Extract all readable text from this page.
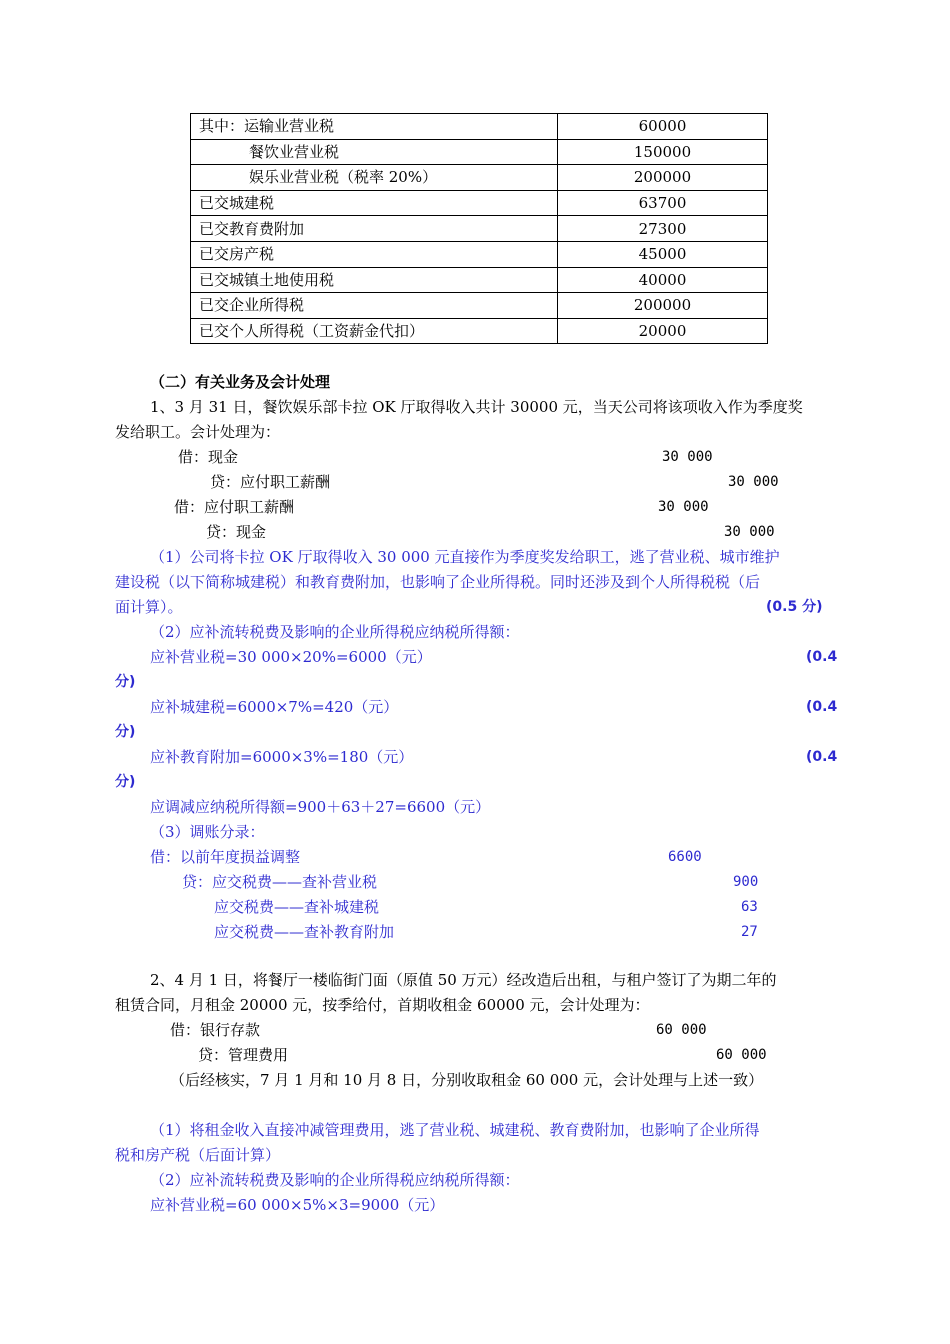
其中：运输业营业税	60000
餐饮业营业税	150000
娱乐业营业税（税率 20%）	200000
已交城建税	63700
已交教育费附加	27300
已交房产税	45000
已交城镇土地使用税	40000
已交企业所得税	200000
已交个人所得税（工资薪金代扣）	20000
（二）有关业务及会计处理
1、3 月 31 日，餐饮娱乐部卡拉 OK 厅取得收入共计 30000 元，当天公司将该项收入作为季度奖
发给职工。会计处理为：
借：现金	30 000
贷：应付职工薪酬	30 000
借：应付职工薪酬	30 000
贷：现金	30 000
（1）公司将卡拉 OK 厅取得收入 30 000 元直接作为季度奖发给职工，逃了营业税、城市维护
建设税（以下简称城建税）和教育费附加，也影响了企业所得税。同时还涉及到个人所得税税（后
面计算）。	(0.5 分)
（2）应补流转税费及影响的企业所得税应纳税所得额：
应补营业税=30 000×20%=6000（元）	(0.4
分)
应补城建税=6000×7%=420（元）	(0.4
分)
应补教育附加=6000×3%=180（元）	(0.4
分)
应调减应纳税所得额=900＋63＋27=6600（元）
（3）调账分录：
借：以前年度损益调整	6600
贷：应交税费——查补营业税	900
应交税费——查补城建税	63
应交税费——查补教育附加	27
2、4 月 1 日，将餐厅一楼临街门面（原值 50 万元）经改造后出租，与租户签订了为期二年的
租赁合同，月租金 20000 元，按季给付，首期收租金 60000 元，会计处理为：
借：银行存款	60 000
贷：管理费用	60 000
（后经核实，7 月 1 月和 10 月 8 日，分别收取租金 60 000 元，会计处理与上述一致）
（1）将租金收入直接冲减管理费用，逃了营业税、城建税、教育费附加，也影响了企业所得
税和房产税（后面计算）
（2）应补流转税费及影响的企业所得税应纳税所得额：
应补营业税=60 000×5%×3=9000（元）
